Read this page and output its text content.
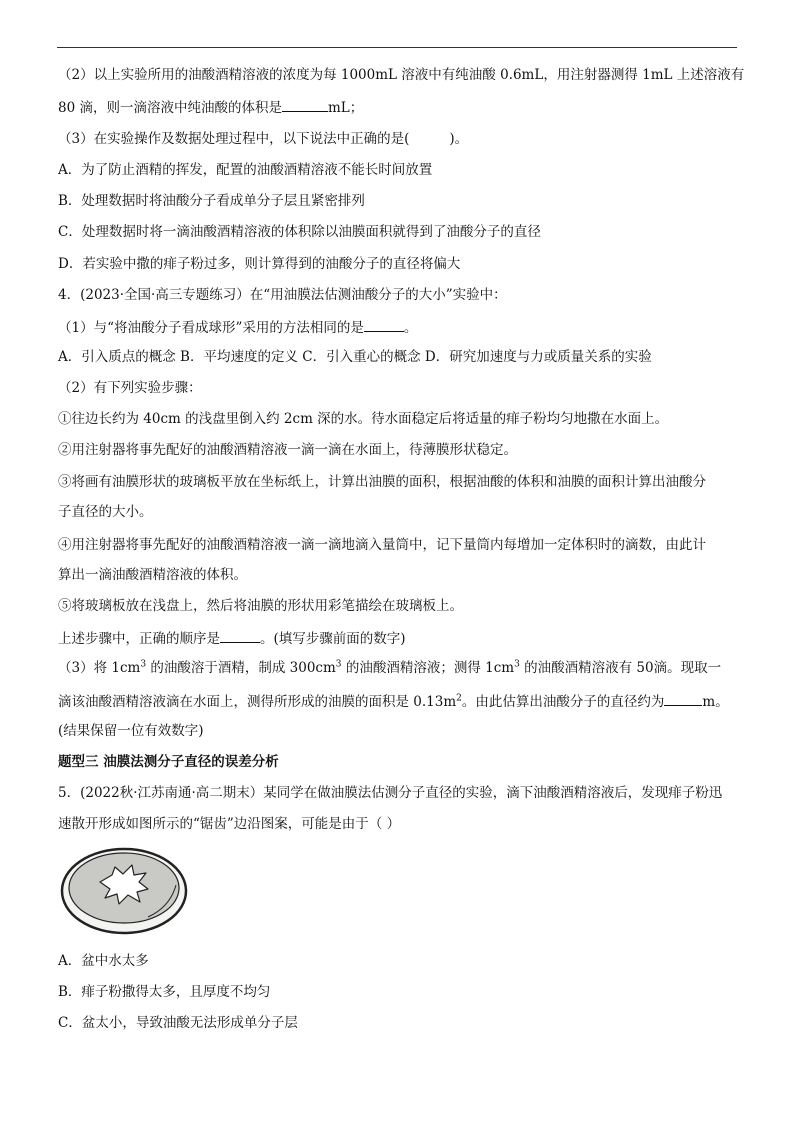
（2）以上实验所用的油酸酒精溶液的浓度为每 1000mL 溶液中有纯油酸 0.6mL，用注射器测得 1mL 上述溶液有
80 滴，则一滴溶液中纯油酸的体积是	mL；
（3）在实验操作及数据处理过程中，以下说法中正确的是(	)。
A．为了防止酒精的挥发，配置的油酸酒精溶液不能长时间放置
B．处理数据时将油酸分子看成单分子层且紧密排列
C．处理数据时将一滴油酸酒精溶液的体积除以油膜面积就得到了油酸分子的直径
D．若实验中撒的痱子粉过多，则计算得到的油酸分子的直径将偏大
4．(2023·全国·高三专题练习）在“用油膜法估测油酸分子的大小”实验中：
（1）与“将油酸分子看成球形”采用的方法相同的是	。
A．引入质点的概念 B．平均速度的定义 C．引入重心的概念 D．研究加速度与力或质量关系的实验
（2）有下列实验步骤：
①往边长约为 40cm 的浅盘里倒入约 2cm 深的水。待水面稳定后将适量的痱子粉均匀地撒在水面上。
②用注射器将事先配好的油酸酒精溶液一滴一滴在水面上，待薄膜形状稳定。
③将画有油膜形状的玻璃板平放在坐标纸上，计算出油膜的面积，根据油酸的体积和油膜的面积计算出油酸分
子直径的大小。
④用注射器将事先配好的油酸酒精溶液一滴一滴地滴入量筒中，记下量筒内每增加一定体积时的滴数，由此计
算出一滴油酸酒精溶液的体积。
⑤将玻璃板放在浅盘上，然后将油膜的形状用彩笔描绘在玻璃板上。
上述步骤中，正确的顺序是	。(填写步骤前面的数字)
（3）将 $1cm^3$ 的油酸溶于酒精，制成 $300cm^3$ 的油酸酒精溶液；测得 $1cm^3$ 的油酸酒精溶液有 50滴。现取一
滴该油酸酒精溶液滴在水面上，测得所形成的油膜的面积是 $0.13m^2$。由此估算出油酸分子的直径约为	m。
(结果保留一位有效数字)
题型三 油膜法测分子直径的误差分析
5．(2022秋·江苏南通·高二期末）某同学在做油膜法估测分子直径的实验，滴下油酸酒精溶液后，发现痱子粉迅
速散开形成如图所示的“锯齿”边沿图案，可能是由于（ ）
A．盆中水太多
B．痱子粉撒得太多，且厚度不均匀
C．盆太小，导致油酸无法形成单分子层
